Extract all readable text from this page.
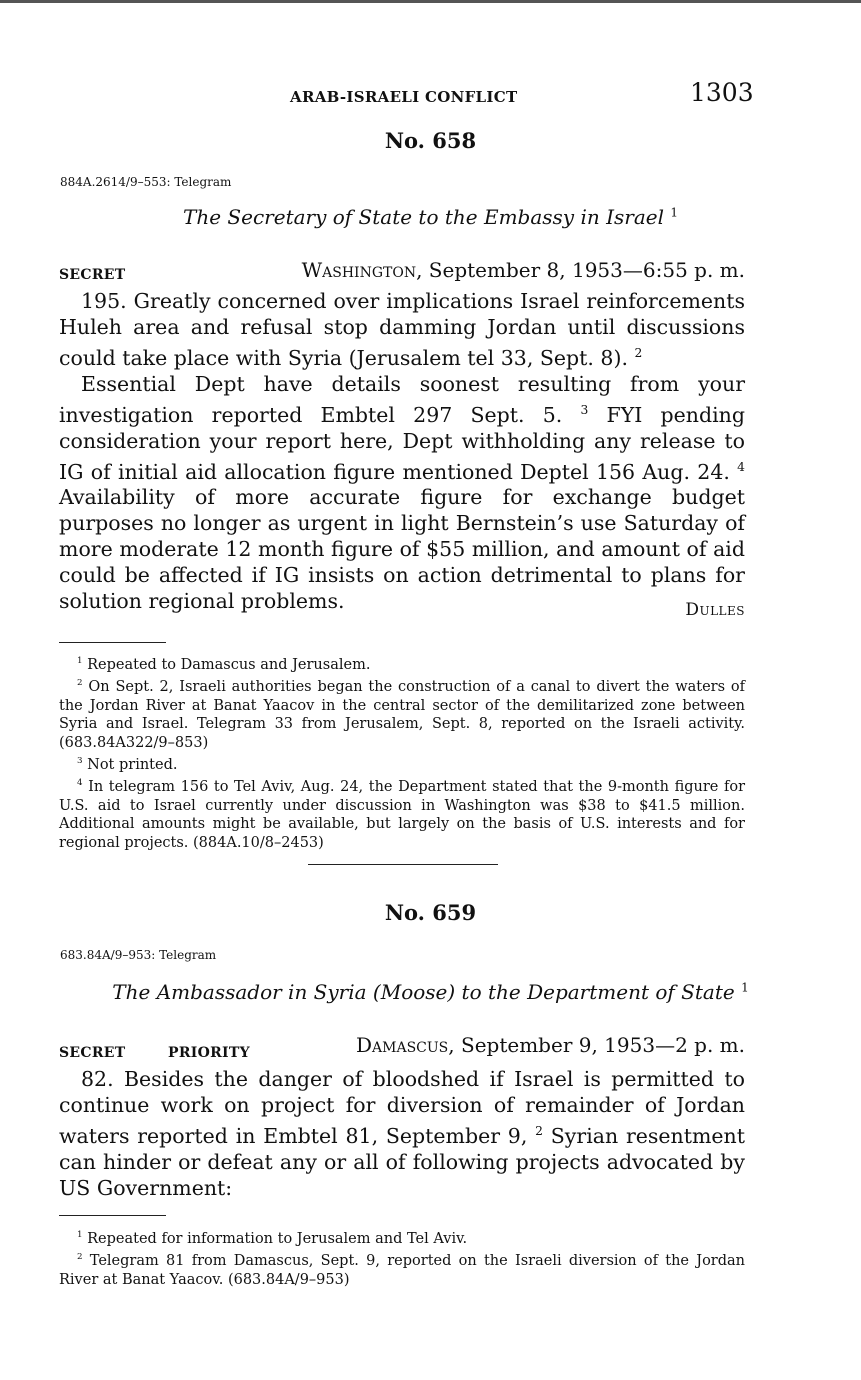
ARAB-ISRAELI CONFLICT	1303
No. 658
884A.2614/9–553: Telegram
The Secretary of State to the Embassy in Israel $^1$
SECRET	Washington, September 8, 1953—6:55 p. m.

195. Greatly concerned over implications Israel reinforcements Huleh area and refusal stop damming Jordan until discussions could take place with Syria (Jerusalem tel 33, Sept. 8). $^2$

Essential Dept have details soonest resulting from your investigation reported Embtel 297 Sept. 5. $^3$ FYI pending consideration your report here, Dept withholding any release to IG of initial aid allocation figure mentioned Deptel 156 Aug. 24. $^4$ Availability of more accurate figure for exchange budget purposes no longer as urgent in light Bernstein’s use Saturday of more moderate 12 month figure of $55 million, and amount of aid could be affected if IG insists on action detrimental to plans for solution regional problems.	Dulles

$^1$ Repeated to Damascus and Jerusalem.

$^2$ On Sept. 2, Israeli authorities began the construction of a canal to divert the waters of the Jordan River at Banat Yaacov in the central sector of the demilitarized zone between Syria and Israel. Telegram 33 from Jerusalem, Sept. 8, reported on the Israeli activity. (683.84A322/9–853)

$^3$ Not printed.

$^4$ In telegram 156 to Tel Aviv, Aug. 24, the Department stated that the 9-month figure for U.S. aid to Israel currently under discussion in Washington was $38 to $41.5 million. Additional amounts might be available, but largely on the basis of U.S. interests and for regional projects. (884A.10/8–2453)

No. 659
683.84A/9–953: Telegram
The Ambassador in Syria (Moose) to the Department of State $^1$
SECRET	PRIORITY	Damascus, September 9, 1953—2 p. m.

82. Besides the danger of bloodshed if Israel is permitted to continue work on project for diversion of remainder of Jordan waters reported in Embtel 81, September 9, $^2$ Syrian resentment can hinder or defeat any or all of following projects advocated by US Government:

$^1$ Repeated for information to Jerusalem and Tel Aviv.

$^2$ Telegram 81 from Damascus, Sept. 9, reported on the Israeli diversion of the Jordan River at Banat Yaacov. (683.84A/9–953)
